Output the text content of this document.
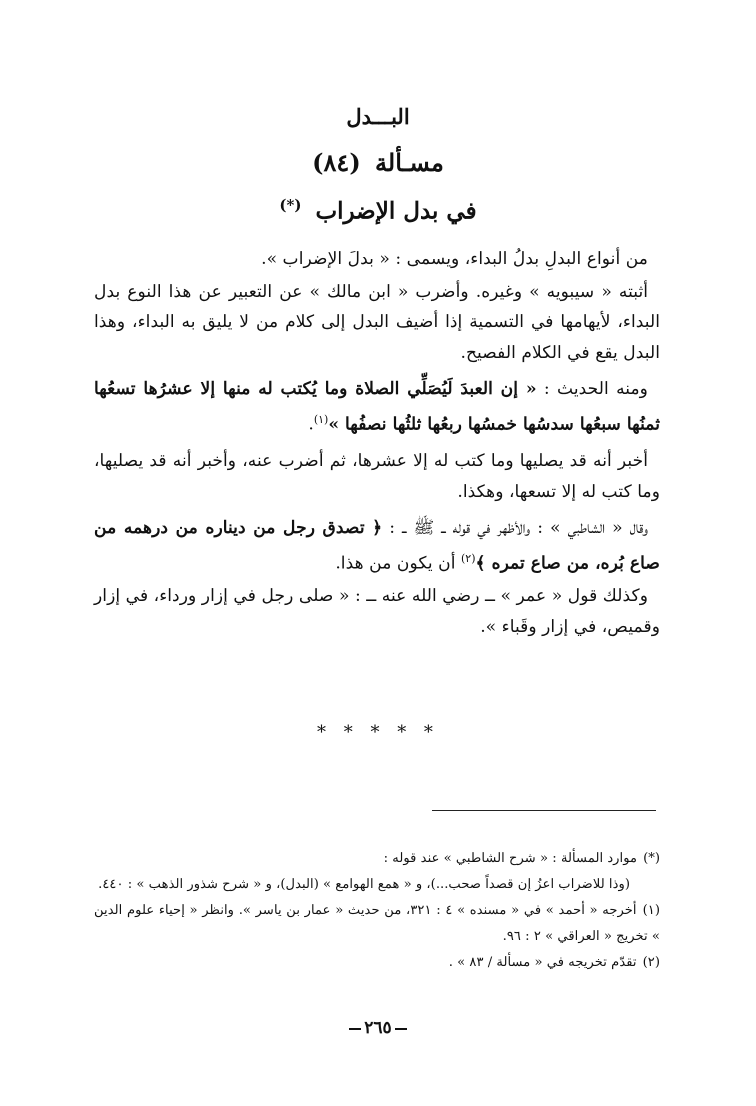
البـــدل
مسـألة (٨٤)
في بدل الإضراب (*)

من أنواع البدلِ بدلُ البداء، ويسمى : « بدلَ الإضراب ».

أثبته « سيبويه » وغيره. وأضرب « ابن مالك » عن التعبير عن هذا النوع بدل البداء، لأيهامها في التسمية إذا أضيف البدل إلى كلام من لا يليق به البداء، وهذا البدل يقع في الكلام الفصيح.

ومنه الحديث : « إن العبدَ لَيُصَلِّي الصلاة وما يُكتب له منها إلا عشرُها تسعُها ثمنُها سبعُها سدسُها خمسُها ربعُها ثلثُها نصفُها »$^{(١)}$.

أخبر أنه قد يصليها وما كتب له إلا عشرها، ثم أضرب عنه، وأخبر أنه قد يصليها، وما كتب له إلا تسعها، وهكذا.

وقال « الشاطبي » : والأظهر في قوله ــ ﷺ ــ : ﴿ تصدق رجل من ديناره من درهمه من صاع بُره، من صاع تمره ﴾$^{(٢)}$ أن يكون من هذا.

وكذلك قول « عمر » ــ رضي الله عنه ــ : « صلى رجل في إزار ورداء، في إزار وقميص، في إزار وقَباء ».

* * * * *

(*)موارد المسألة : « شرح الشاطبي » عند قوله :

(وذا للاضراب اعزُ إن قصداً صحب...)، و « همع الهوامع » (البدل)، و « شرح شذور الذهب » : ٤٤٠.

(١)أخرجه « أحمد » في « مسنده » ٤ : ٣٢١، من حديث « عمار بن ياسر ». وانظر « إحياء علوم الدين » تخريج « العراقي » ٢ : ٩٦.

(٢)تقدّم تخريجه في « مسألة / ٨٣ » .

٢٦٥
